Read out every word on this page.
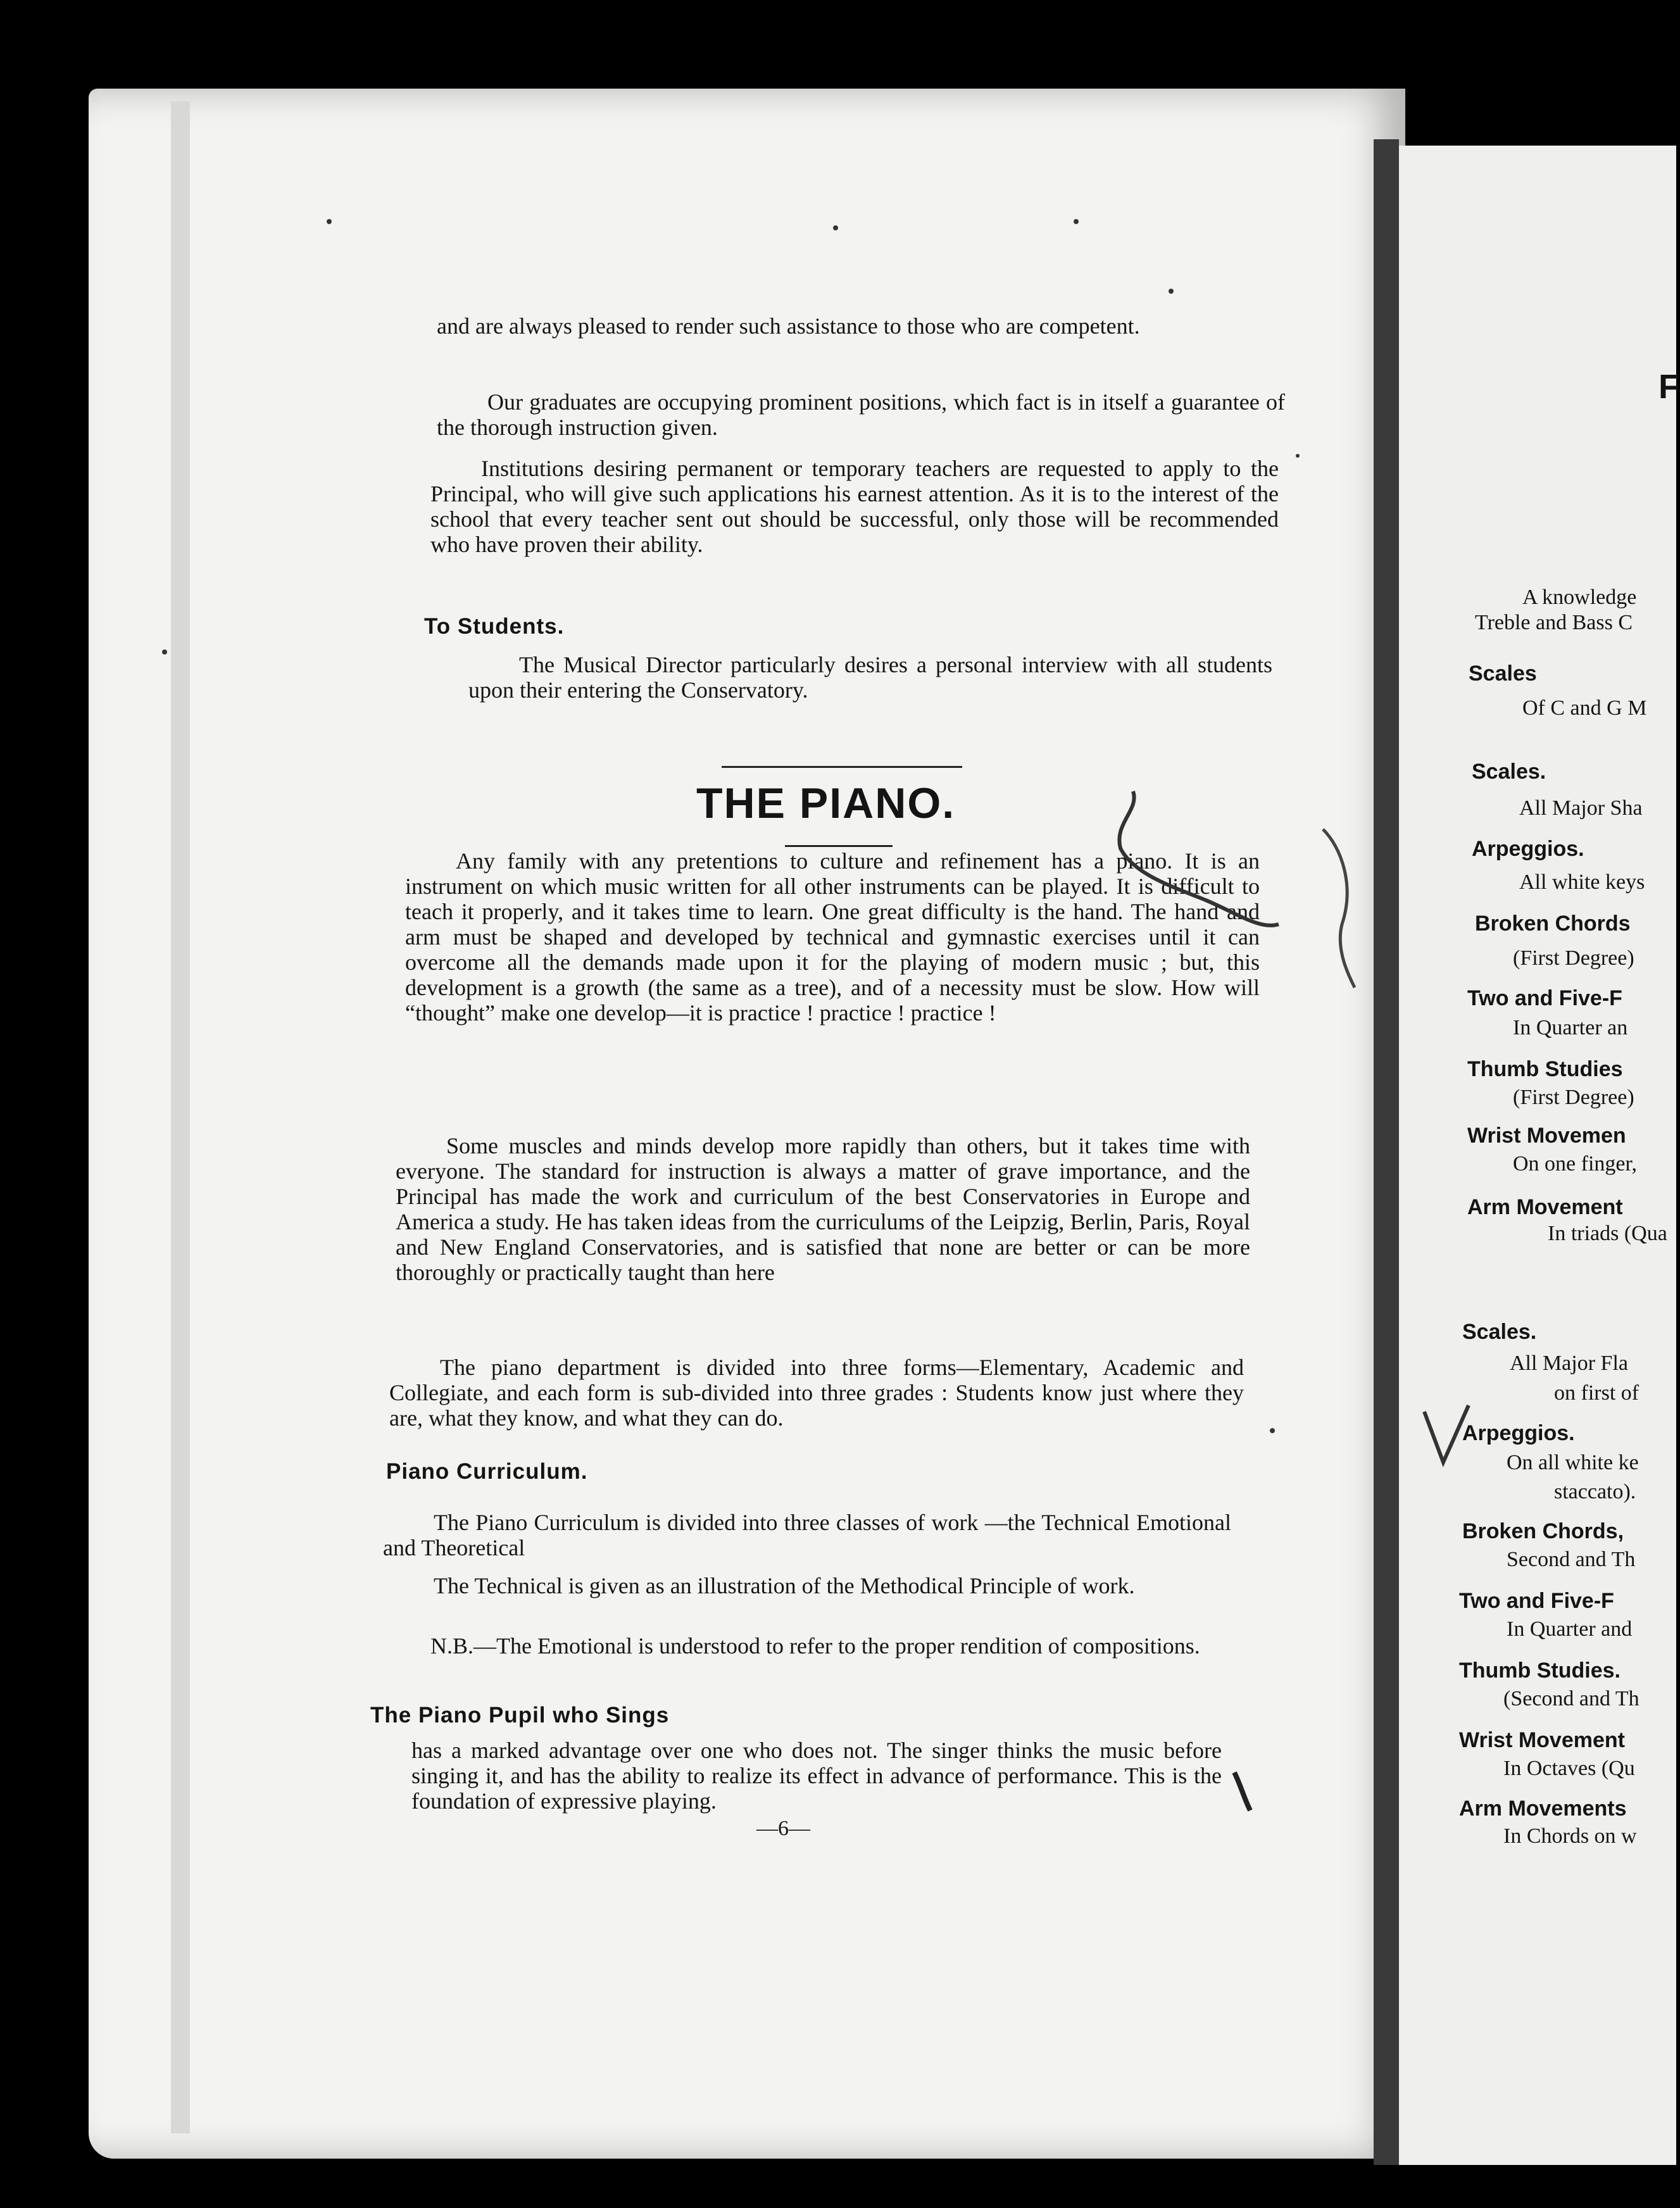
and are always pleased to render such assistance to those who are competent.
Our graduates are occupying prominent positions, which fact is in itself a guarantee of the thorough instruction given.
Institutions desiring permanent or temporary teachers are requested to apply to the Principal, who will give such applications his earnest attention. As it is to the interest of the school that every teacher sent out should be successful, only those will be recommended who have proven their ability.
To Students.
The Musical Director particularly desires a personal interview with all students upon their entering the Conservatory.
THE PIANO.
Any family with any pretentions to culture and refinement has a piano. It is an instrument on which music written for all other instruments can be played. It is difficult to teach it properly, and it takes time to learn. One great difficulty is the hand. The hand and arm must be shaped and developed by technical and gymnastic exercises until it can overcome all the demands made upon it for the playing of modern music ; but, this development is a growth (the same as a tree), and of a necessity must be slow. How will “thought” make one develop—it is practice ! practice ! practice !
Some muscles and minds develop more rapidly than others, but it takes time with everyone. The standard for instruction is always a matter of grave importance, and the Principal has made the work and curriculum of the best Conservatories in Europe and America a study. He has taken ideas from the curriculums of the Leipzig, Berlin, Paris, Royal and New England Conservatories, and is satisfied that none are better or can be more thoroughly or practically taught than here
The piano department is divided into three forms—Elementary, Academic and Collegiate, and each form is sub-divided into three grades : Students know just where they are, what they know, and what they can do.
Piano Curriculum.
The Piano Curriculum is divided into three classes of work —the Technical Emotional and Theoretical
The Technical is given as an illustration of the Methodical Principle of work.
N.B.—The Emotional is understood to refer to the proper rendition of compositions.
The Piano Pupil who Sings
has a marked advantage over one who does not. The singer thinks the music before singing it, and has the ability to realize its effect in advance of performance. This is the foundation of expressive playing.
—6—
F
A knowledge
Treble and Bass C
Scales
Of C and G M
Scales.
All Major Sha
Arpeggios.
All white keys
Broken Chords
(First Degree)
Two and Five-F
In Quarter an
Thumb Studies
(First Degree)
Wrist Movemen
On one finger,
Arm Movement
In triads (Qua
Scales.
All Major Fla
on first of
Arpeggios.
On all white ke
staccato).
Broken Chords,
Second and Th
Two and Five-F
In Quarter and
Thumb Studies.
(Second and Th
Wrist Movement
In Octaves (Qu
Arm Movements
In Chords on w
